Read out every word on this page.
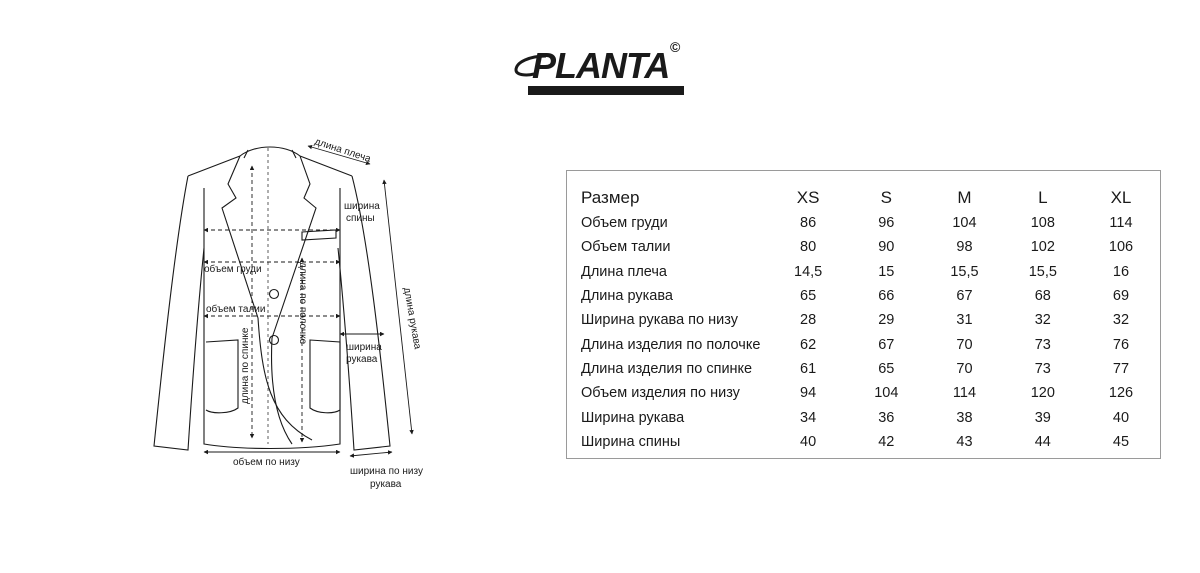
PLANTA ©
длина плеча
ширина
спины
объем груди
объем талии	длина по полочке	длина рукава
ширина
рукава
длина по спинке
объем по низу
ширина по низу
рукава
Размер	XS	S	M	L	XL
Объем груди	86	96	104	108	114
Объем талии	80	90	98	102	106
Длина плеча	14,5	15	15,5	15,5	16
Длина рукава	65	66	67	68	69
Ширина рукава по низу	28	29	31	32	32
Длина изделия по полочке	62	67	70	73	76
Длина изделия по спинке	61	65	70	73	77
Объем изделия по низу	94	104	114	120	126
Ширина рукава	34	36	38	39	40
Ширина спины	40	42	43	44	45
